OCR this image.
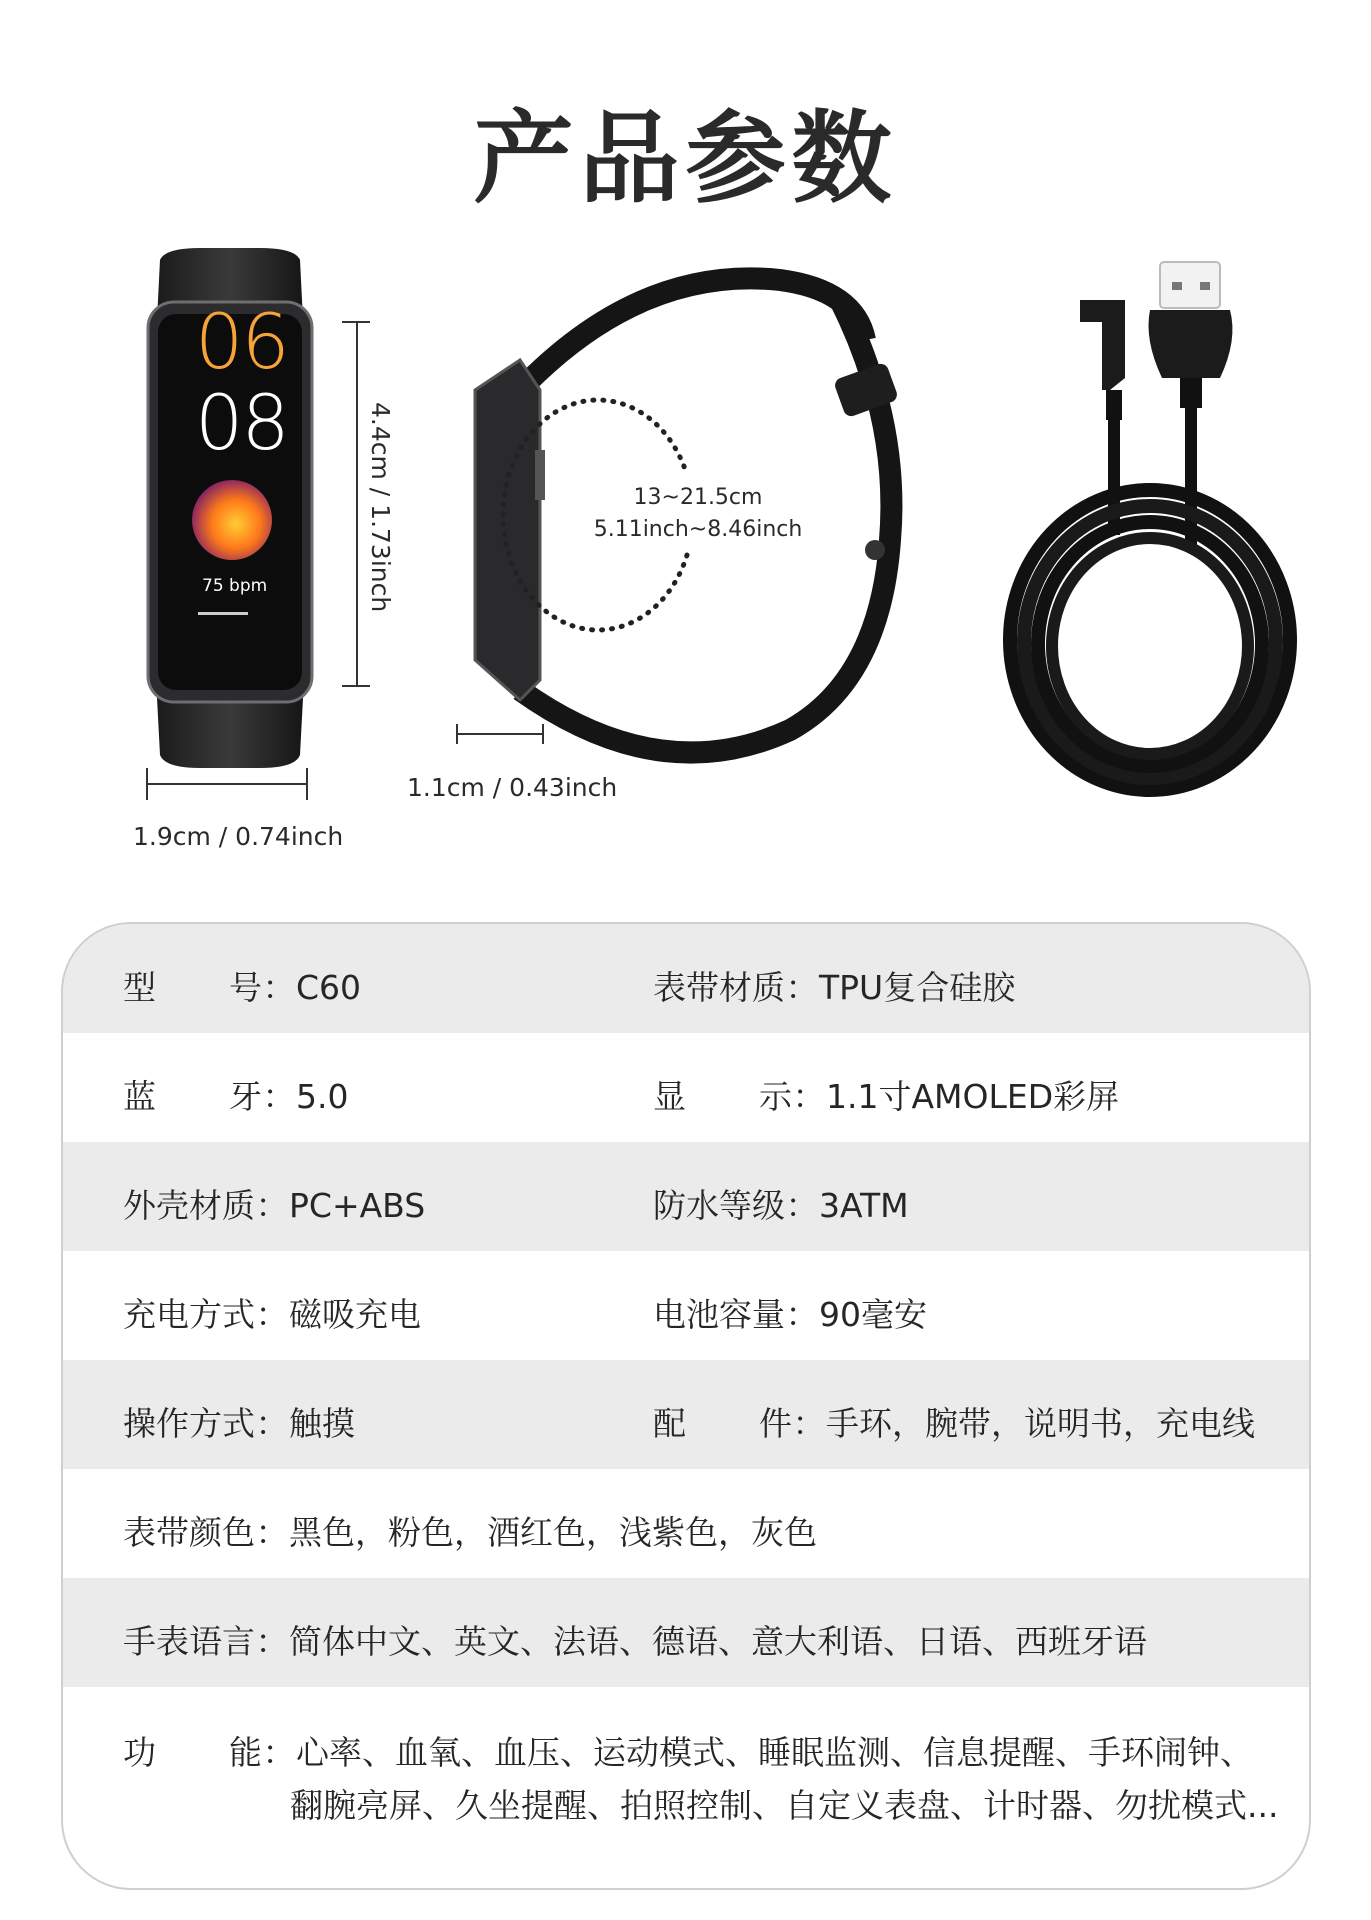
产品参数
06
08
75 bpm	4.4cm / 1.73inch
1.9cm / 0.74inch
13~21.5cm
5.11inch~8.46inch
1.1cm / 0.43inch
型 号：C60	表带材质：TPU复合硅胶
蓝 牙：5.0	显 示：1.1寸AMOLED彩屏
外壳材质：PC+ABS	防水等级：3ATM
充电方式：磁吸充电	电池容量：90毫安
操作方式：触摸	配 件：手环，腕带，说明书，充电线
表带颜色：黑色，粉色，酒红色，浅紫色，灰色
手表语言：简体中文、英文、法语、德语、意大利语、日语、西班牙语
功 能：心率、血氧、血压、运动模式、睡眠监测、信息提醒、手环闹钟、
翻腕亮屏、久坐提醒、拍照控制、自定义表盘、计时器、勿扰模式...
